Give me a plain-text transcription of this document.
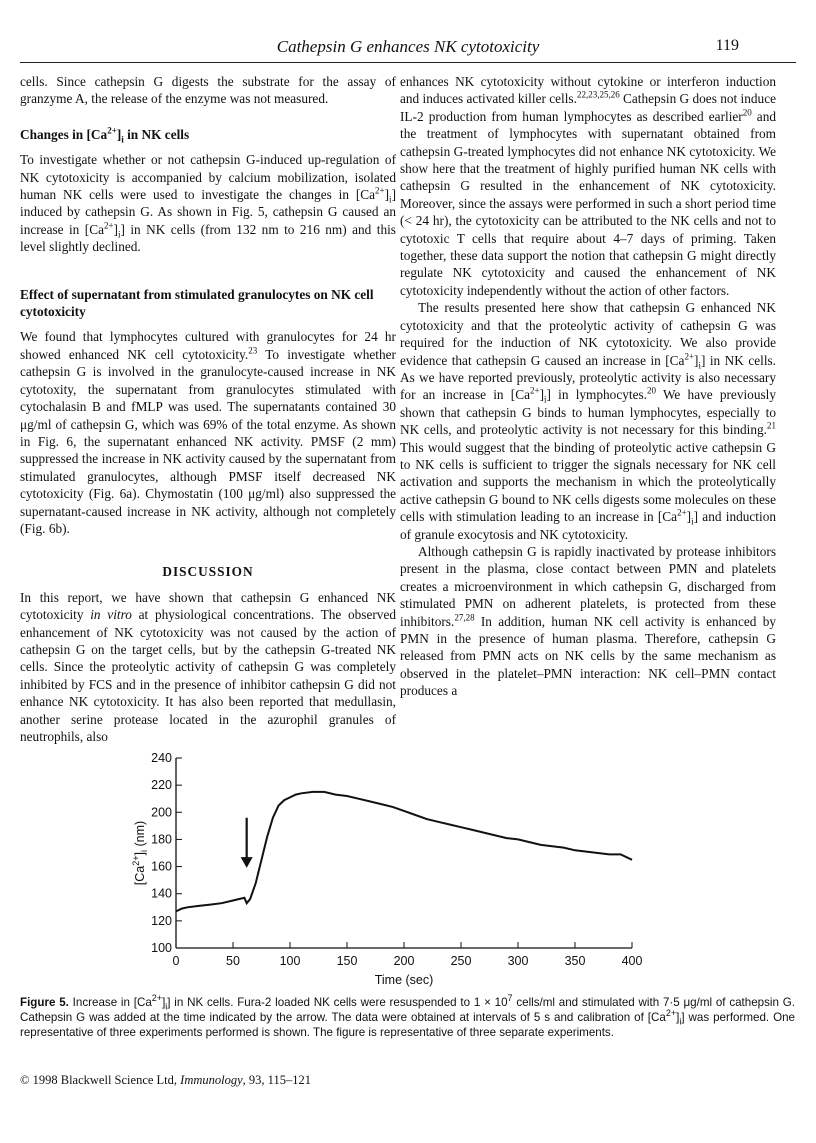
Cathepsin G enhances NK cytotoxicity	119

cells. Since cathepsin G digests the substrate for the assay of granzyme A, the release of the enzyme was not measured.

Changes in $[Ca^{2+}]_i$ in NK cells

To investigate whether or not cathepsin G-induced up-regulation of NK cytotoxicity is accompanied by calcium mobilization, isolated human NK cells were used to investigate the changes in $[Ca^{2+}]_i$] induced by cathepsin G. As shown in Fig. 5, cathepsin G caused an increase in $[Ca^{2+}]_i$] in NK cells (from 132 nm to 216 nm) and this level slightly declined.

Effect of supernatant from stimulated granulocytes on NK cell cytotoxicity

We found that lymphocytes cultured with granulocytes for 24 hr showed enhanced NK cell cytotoxicity.$^{23}$ To investigate whether cathepsin G is involved in the granulocyte-caused increase in NK cytotoxity, the supernatant from granulocytes stimulated with cytochalasin B and fMLP was used. The supernatants contained 30 μg/ml of cathepsin G, which was 69% of the total enzyme. As shown in Fig. 6, the supernatant enhanced NK activity. PMSF (2 mm) suppressed the increase in NK activity caused by the supernatant from stimulated granulocytes, although PMSF itself decreased NK cytotoxicity (Fig. 6a). Chymostatin (100 μg/ml) also suppressed the supernatant-caused increase in NK activity, although not completely (Fig. 6b).

DISCUSSION

In this report, we have shown that cathepsin G enhanced NK cytotoxicity in vitro at physiological concentrations. The observed enhancement of NK cytotoxicity was not caused by the action of cathepsin G on the target cells, but by the cathepsin G-treated NK cells. Since the proteolytic activity of cathepsin G was completely inhibited by FCS and in the presence of inhibitor cathepsin G did not enhance NK cytotoxicity. It has also been reported that medullasin, another serine protease located in the azurophil granules of neutrophils, also

enhances NK cytotoxicity without cytokine or interferon induction and induces activated killer cells.$^{22,23,25,26}$ Cathepsin G does not induce IL-2 production from human lymphocytes as described earlier$^{20}$ and the treatment of lymphocytes with supernatant obtained from cathepsin G-treated lymphocytes did not enhance NK cytotoxicity. We show here that the treatment of highly purified human NK cells with cathepsin G resulted in the enhancement of NK cytotoxicity. Moreover, since the assays were performed in such a short period time (< 24 hr), the cytotoxicity can be attributed to the NK cells and not to cytotoxic T cells that require about 4–7 days of priming. Taken together, these data support the notion that cathepsin G might directly regulate NK cytotoxicity and caused the enhancement of NK cytotoxicity independently without the action of other factors.

The results presented here show that cathepsin G enhanced NK cytotoxicity and that the proteolytic activity of cathepsin G was required for the induction of NK cytotoxicity. We also provide evidence that cathepsin G caused an increase in $[Ca^{2+}]_i$] in NK cells. As we have reported previously, proteolytic activity is also necessary for an increase in $[Ca^{2+}]_i$] in lymphocytes.$^{20}$ We have previously shown that cathepsin G binds to human lymphocytes, especially to NK cells, and proteolytic activity is not necessary for this binding.$^{21}$ This would suggest that the binding of proteolytic active cathepsin G to NK cells is sufficient to trigger the signals necessary for NK cell activation and supports the mechanism in which the proteolytically active cathepsin G bound to NK cells digests some molecules on these cells with stimulation leading to an increase in $[Ca^{2+}]_i$] and induction of granule exocytosis and NK cytotoxicity.

Although cathepsin G is rapidly inactivated by protease inhibitors present in the plasma, close contact between PMN and platelets creates a microenvironment in which cathepsin G, discharged from stimulated PMN on adherent platelets, is protected from these inhibitors.$^{27,28}$ In addition, human NK cell activity is enhanced by PMN in the presence of human plasma. Therefore, cathepsin G released from PMN acts on NK cells by the same mechanism as observed in the platelet–PMN interaction: NK cell–PMN contact produces a

100
120
140
160
180
200
220
240
0	50	100	150	200	250	300	350	400
Time (sec)
$[Ca^{2+}]_i$ (nm)
Figure 5. Increase in $[Ca^{2+}]_i$] in NK cells. Fura-2 loaded NK cells were resuspended to $1 \times 10^7$ cells/ml and stimulated with 7·5 μg/ml of cathepsin G. Cathepsin G was added at the time indicated by the arrow. The data were obtained at intervals of 5 s and calibration of $[Ca^{2+}]_i$] was performed. One representative of three experiments performed is shown. The figure is representative of three separate experiments.
© 1998 Blackwell Science Ltd, Immunology, 93, 115–121
